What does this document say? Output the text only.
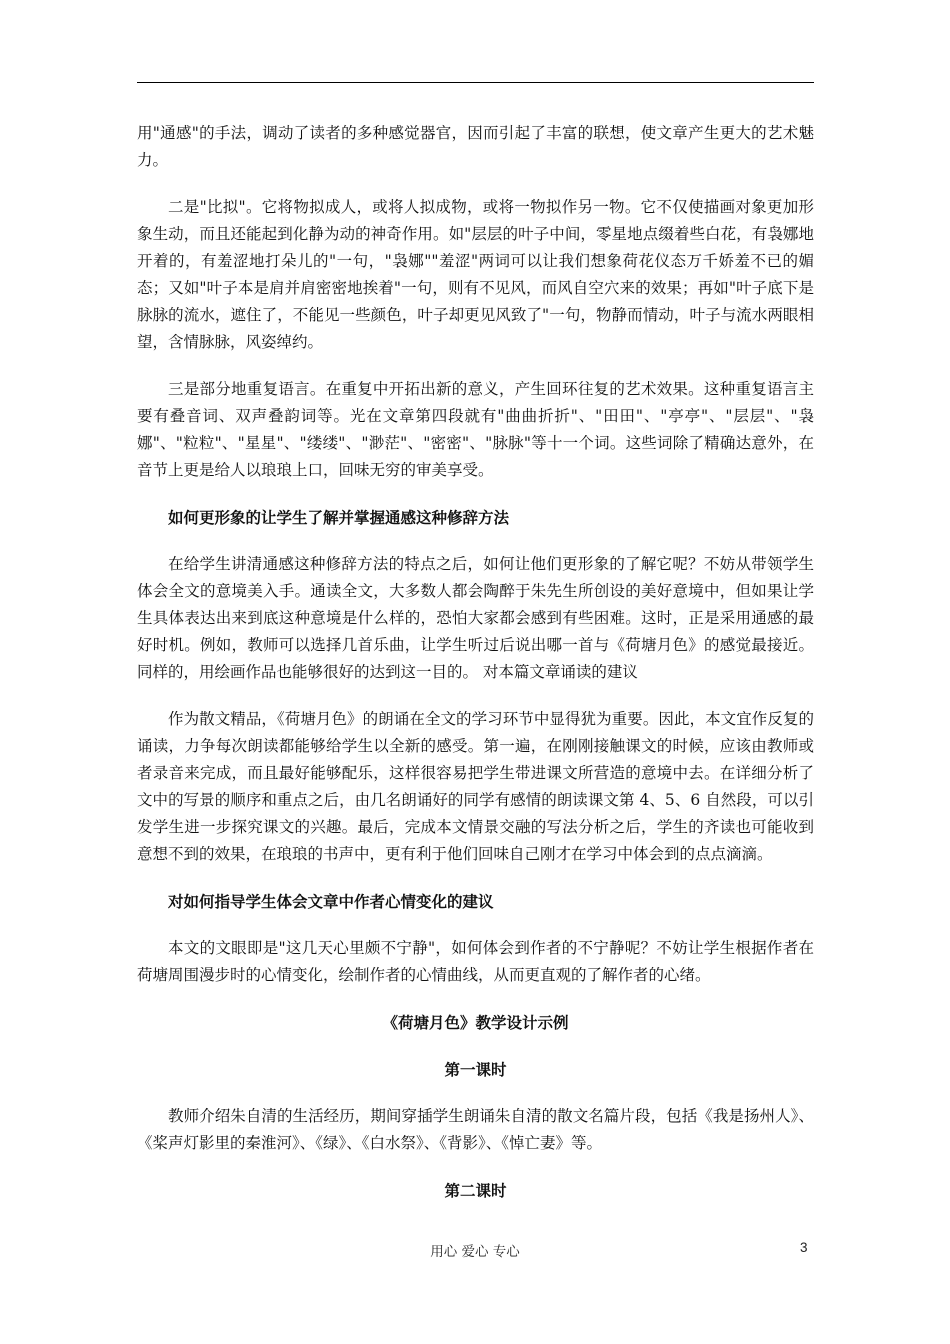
用"通感"的手法，调动了读者的多种感觉器官，因而引起了丰富的联想，使文章产生更大的艺术魅力。

二是"比拟"。它将物拟成人，或将人拟成物，或将一物拟作另一物。它不仅使描画对象更加形象生动，而且还能起到化静为动的神奇作用。如"层层的叶子中间，零星地点缀着些白花，有袅娜地开着的，有羞涩地打朵儿的"一句，"袅娜""羞涩"两词可以让我们想象荷花仪态万千娇羞不已的媚态；又如"叶子本是肩并肩密密地挨着"一句，则有不见风，而风自空穴来的效果；再如"叶子底下是脉脉的流水，遮住了，不能见一些颜色，叶子却更见风致了"一句，物静而情动，叶子与流水两眼相望，含情脉脉，风姿绰约。

三是部分地重复语言。在重复中开拓出新的意义，产生回环往复的艺术效果。这种重复语言主要有叠音词、双声叠韵词等。光在文章第四段就有"曲曲折折"、"田田"、"亭亭"、"层层"、"袅娜"、"粒粒"、"星星"、"缕缕"、"渺茫"、"密密"、"脉脉"等十一个词。这些词除了精确达意外，在音节上更是给人以琅琅上口，回味无穷的审美享受。

如何更形象的让学生了解并掌握通感这种修辞方法

在给学生讲清通感这种修辞方法的特点之后，如何让他们更形象的了解它呢？不妨从带领学生体会全文的意境美入手。通读全文，大多数人都会陶醉于朱先生所创设的美好意境中，但如果让学生具体表达出来到底这种意境是什么样的，恐怕大家都会感到有些困难。这时，正是采用通感的最好时机。例如，教师可以选择几首乐曲，让学生听过后说出哪一首与《荷塘月色》的感觉最接近。同样的，用绘画作品也能够很好的达到这一目的。 对本篇文章诵读的建议

作为散文精品，《荷塘月色》的朗诵在全文的学习环节中显得犹为重要。因此，本文宜作反复的诵读，力争每次朗读都能够给学生以全新的感受。第一遍，在刚刚接触课文的时候，应该由教师或者录音来完成，而且最好能够配乐，这样很容易把学生带进课文所营造的意境中去。在详细分析了文中的写景的顺序和重点之后，由几名朗诵好的同学有感情的朗读课文第 4、5、6 自然段，可以引发学生进一步探究课文的兴趣。最后，完成本文情景交融的写法分析之后，学生的齐读也可能收到意想不到的效果，在琅琅的书声中，更有利于他们回味自己刚才在学习中体会到的点点滴滴。

对如何指导学生体会文章中作者心情变化的建议

本文的文眼即是"这几天心里颇不宁静"，如何体会到作者的不宁静呢？不妨让学生根据作者在荷塘周围漫步时的心情变化，绘制作者的心情曲线，从而更直观的了解作者的心绪。

《荷塘月色》教学设计示例

第一课时

教师介绍朱自清的生活经历，期间穿插学生朗诵朱自清的散文名篇片段，包括《我是扬州人》、《桨声灯影里的秦淮河》、《绿》、《白水祭》、《背影》、《悼亡妻》等。

第二课时

用心 爱心 专心	3
